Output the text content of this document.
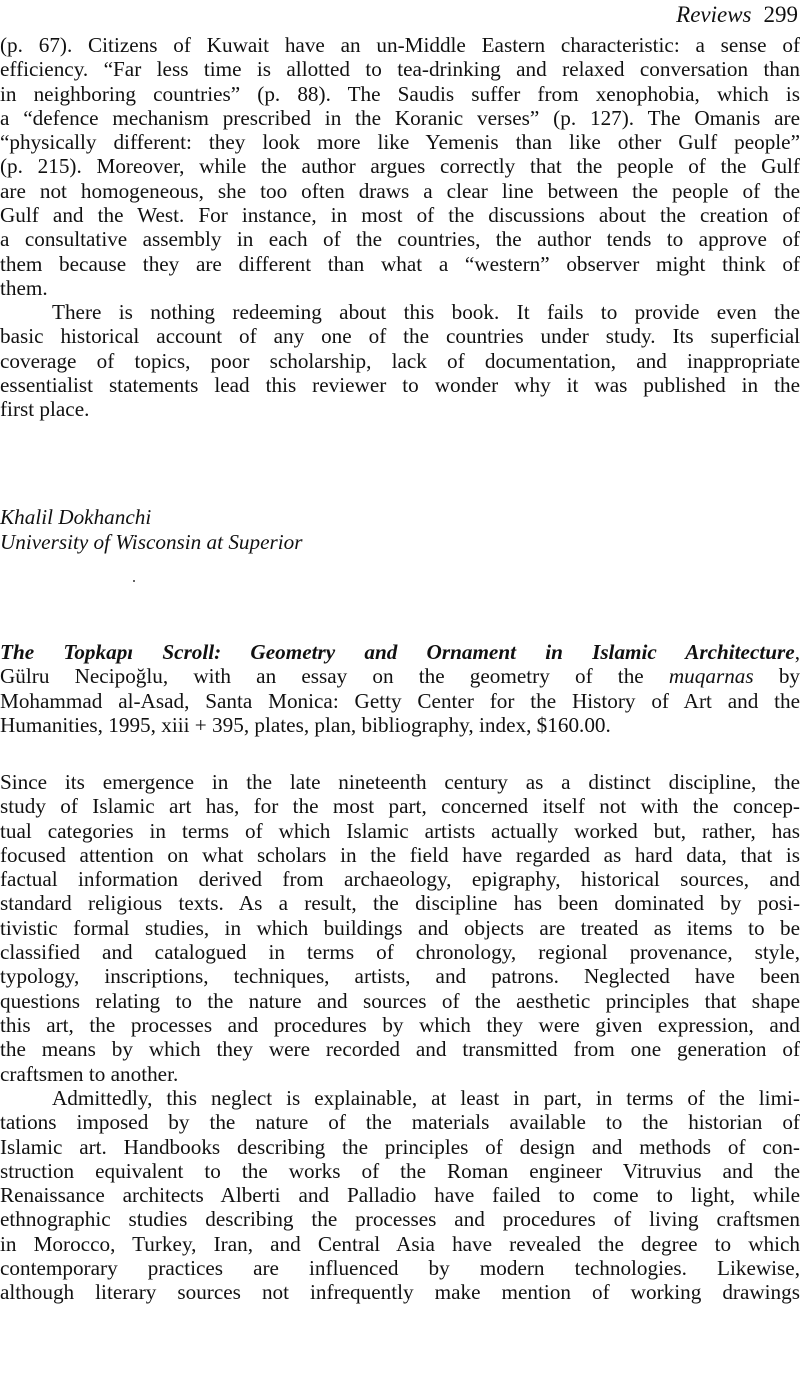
Reviews 299
(p. 67). Citizens of Kuwait have an un-Middle Eastern characteristic: a sense of
efficiency. “Far less time is allotted to tea-drinking and relaxed conversation than
in neighboring countries” (p. 88). The Saudis suffer from xenophobia, which is
a “defence mechanism prescribed in the Koranic verses” (p. 127). The Omanis are
“physically different: they look more like Yemenis than like other Gulf people”
(p. 215). Moreover, while the author argues correctly that the people of the Gulf
are not homogeneous, she too often draws a clear line between the people of the
Gulf and the West. For instance, in most of the discussions about the creation of
a consultative assembly in each of the countries, the author tends to approve of
them because they are different than what a “western” observer might think of
them.
There is nothing redeeming about this book. It fails to provide even the
basic historical account of any one of the countries under study. Its superficial
coverage of topics, poor scholarship, lack of documentation, and inappropriate
essentialist statements lead this reviewer to wonder why it was published in the
first place.
Khalil Dokhanchi
University of Wisconsin at Superior
The Topkapı Scroll: Geometry and Ornament in Islamic Architecture,
Gülru Necipoğlu, with an essay on the geometry of the muqarnas by
Mohammad al-Asad, Santa Monica: Getty Center for the History of Art and the
Humanities, 1995, xiii + 395, plates, plan, bibliography, index, $160.00.
Since its emergence in the late nineteenth century as a distinct discipline, the
study of Islamic art has, for the most part, concerned itself not with the concep-
tual categories in terms of which Islamic artists actually worked but, rather, has
focused attention on what scholars in the field have regarded as hard data, that is
factual information derived from archaeology, epigraphy, historical sources, and
standard religious texts. As a result, the discipline has been dominated by posi-
tivistic formal studies, in which buildings and objects are treated as items to be
classified and catalogued in terms of chronology, regional provenance, style,
typology, inscriptions, techniques, artists, and patrons. Neglected have been
questions relating to the nature and sources of the aesthetic principles that shape
this art, the processes and procedures by which they were given expression, and
the means by which they were recorded and transmitted from one generation of
craftsmen to another.
Admittedly, this neglect is explainable, at least in part, in terms of the limi-
tations imposed by the nature of the materials available to the historian of
Islamic art. Handbooks describing the principles of design and methods of con-
struction equivalent to the works of the Roman engineer Vitruvius and the
Renaissance architects Alberti and Palladio have failed to come to light, while
ethnographic studies describing the processes and procedures of living craftsmen
in Morocco, Turkey, Iran, and Central Asia have revealed the degree to which
contemporary practices are influenced by modern technologies. Likewise,
although literary sources not infrequently make mention of working drawings
